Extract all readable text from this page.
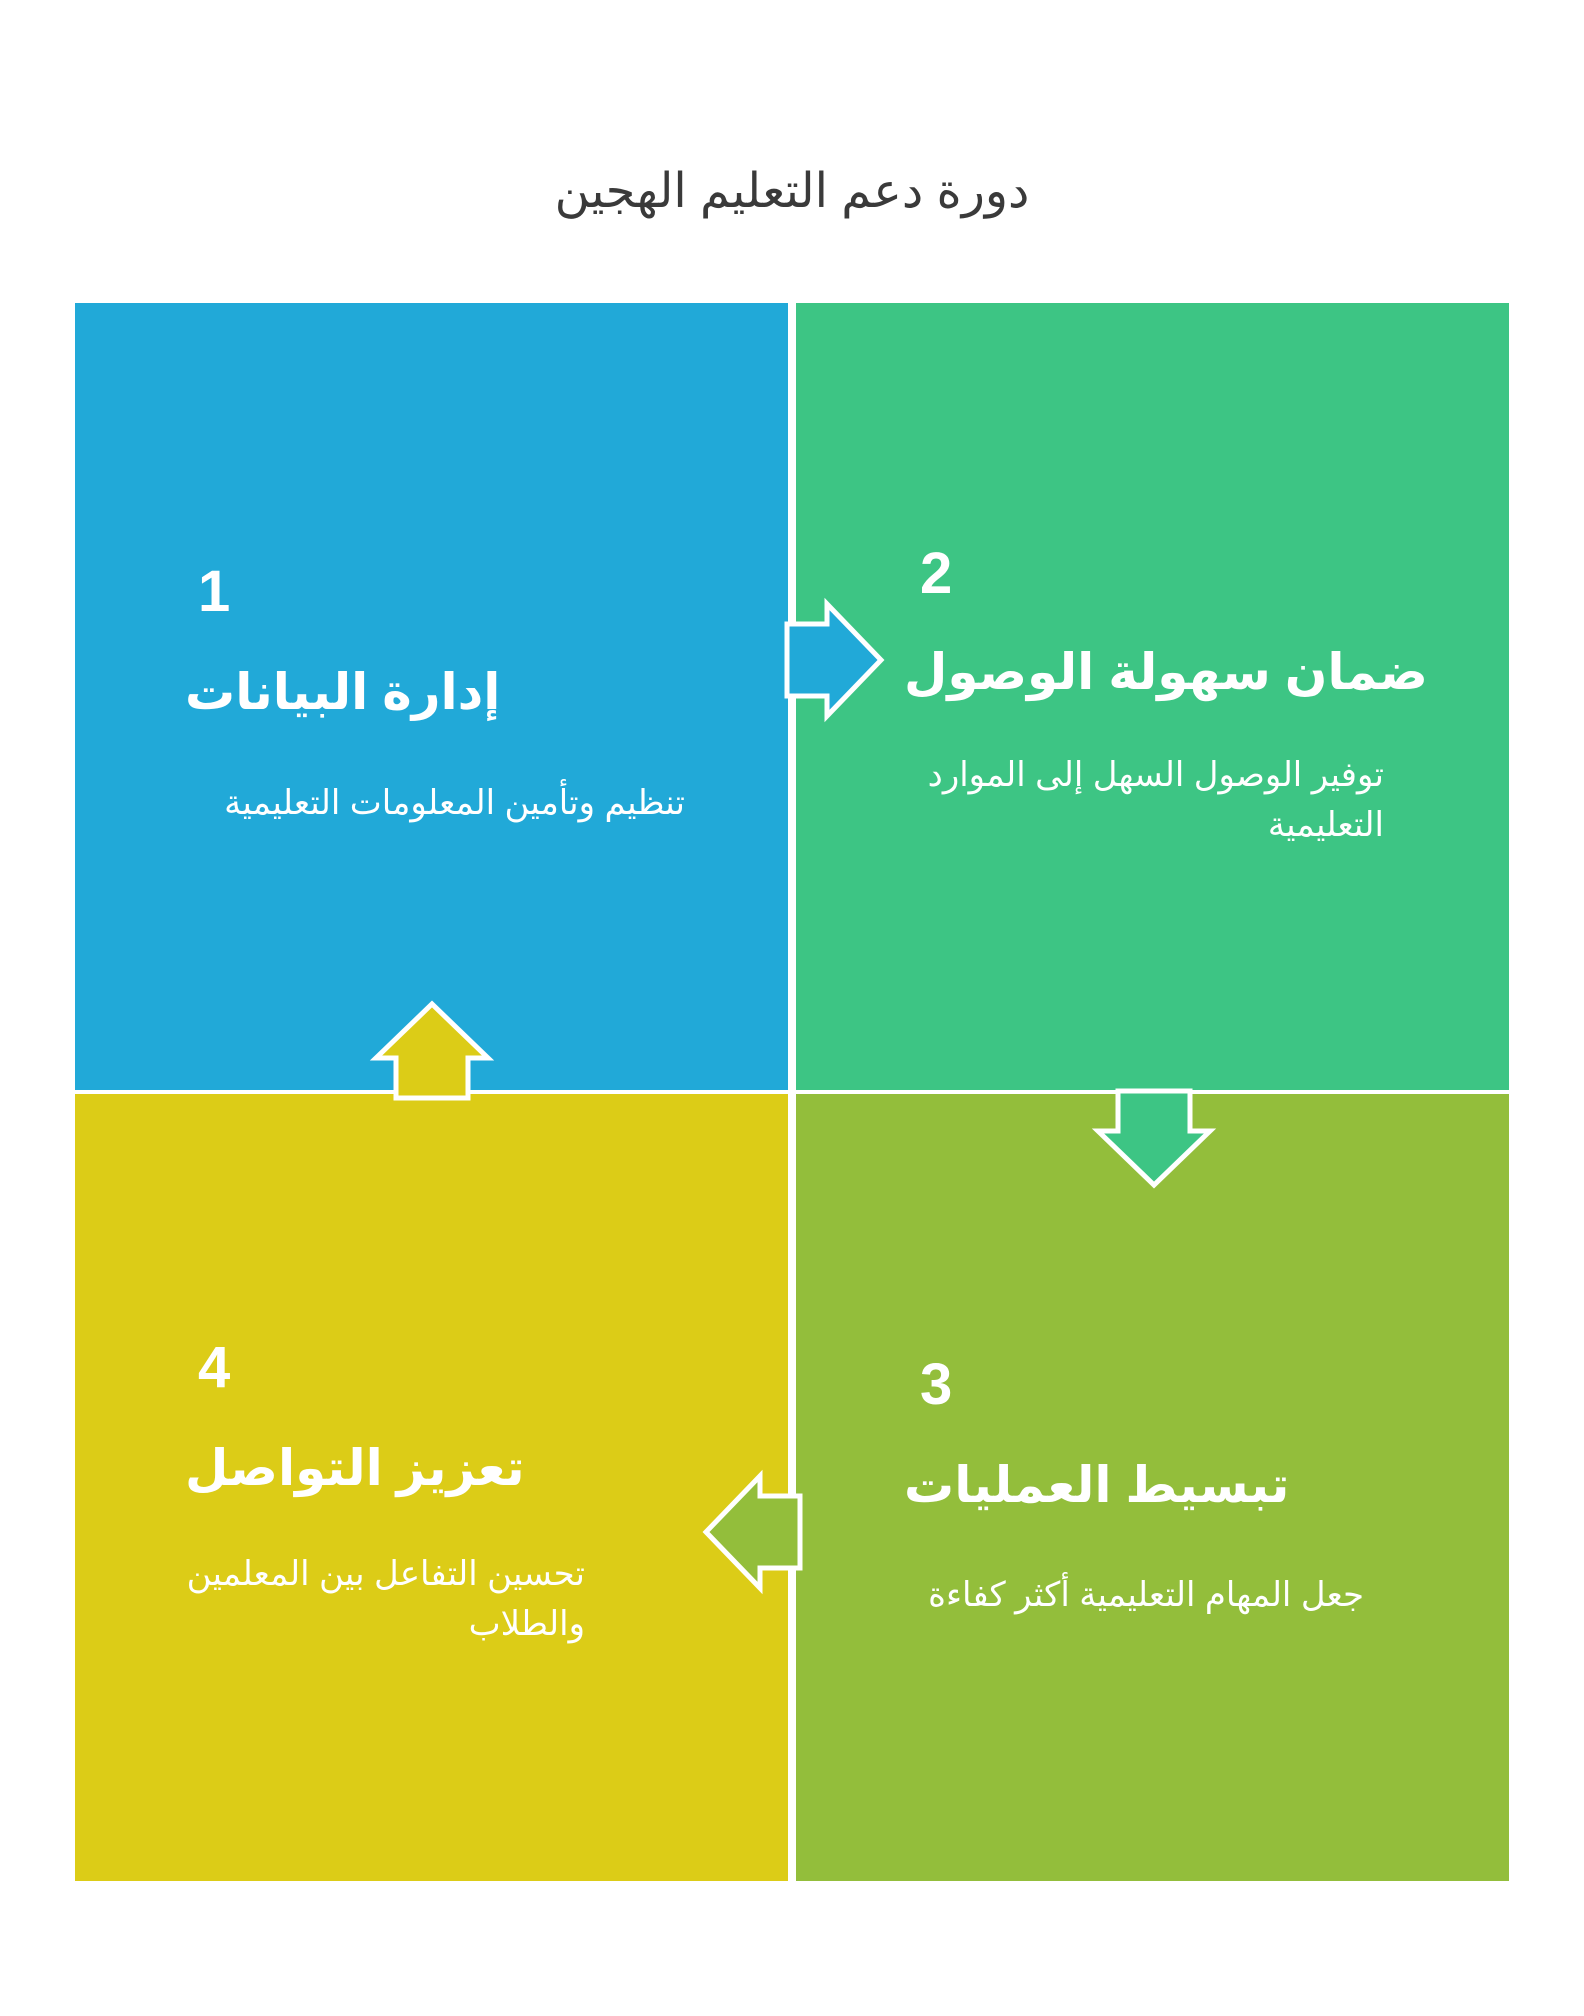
دورة دعم التعليم الهجين
1
إدارة البيانات
تنظيم وتأمين المعلومات التعليمية
2
ضمان سهولة الوصول
توفير الوصول السهل إلى الموارد التعليمية
3
تبسيط العمليات
جعل المهام التعليمية أكثر كفاءة
4
تعزيز التواصل
تحسين التفاعل بين المعلمين والطلاب
